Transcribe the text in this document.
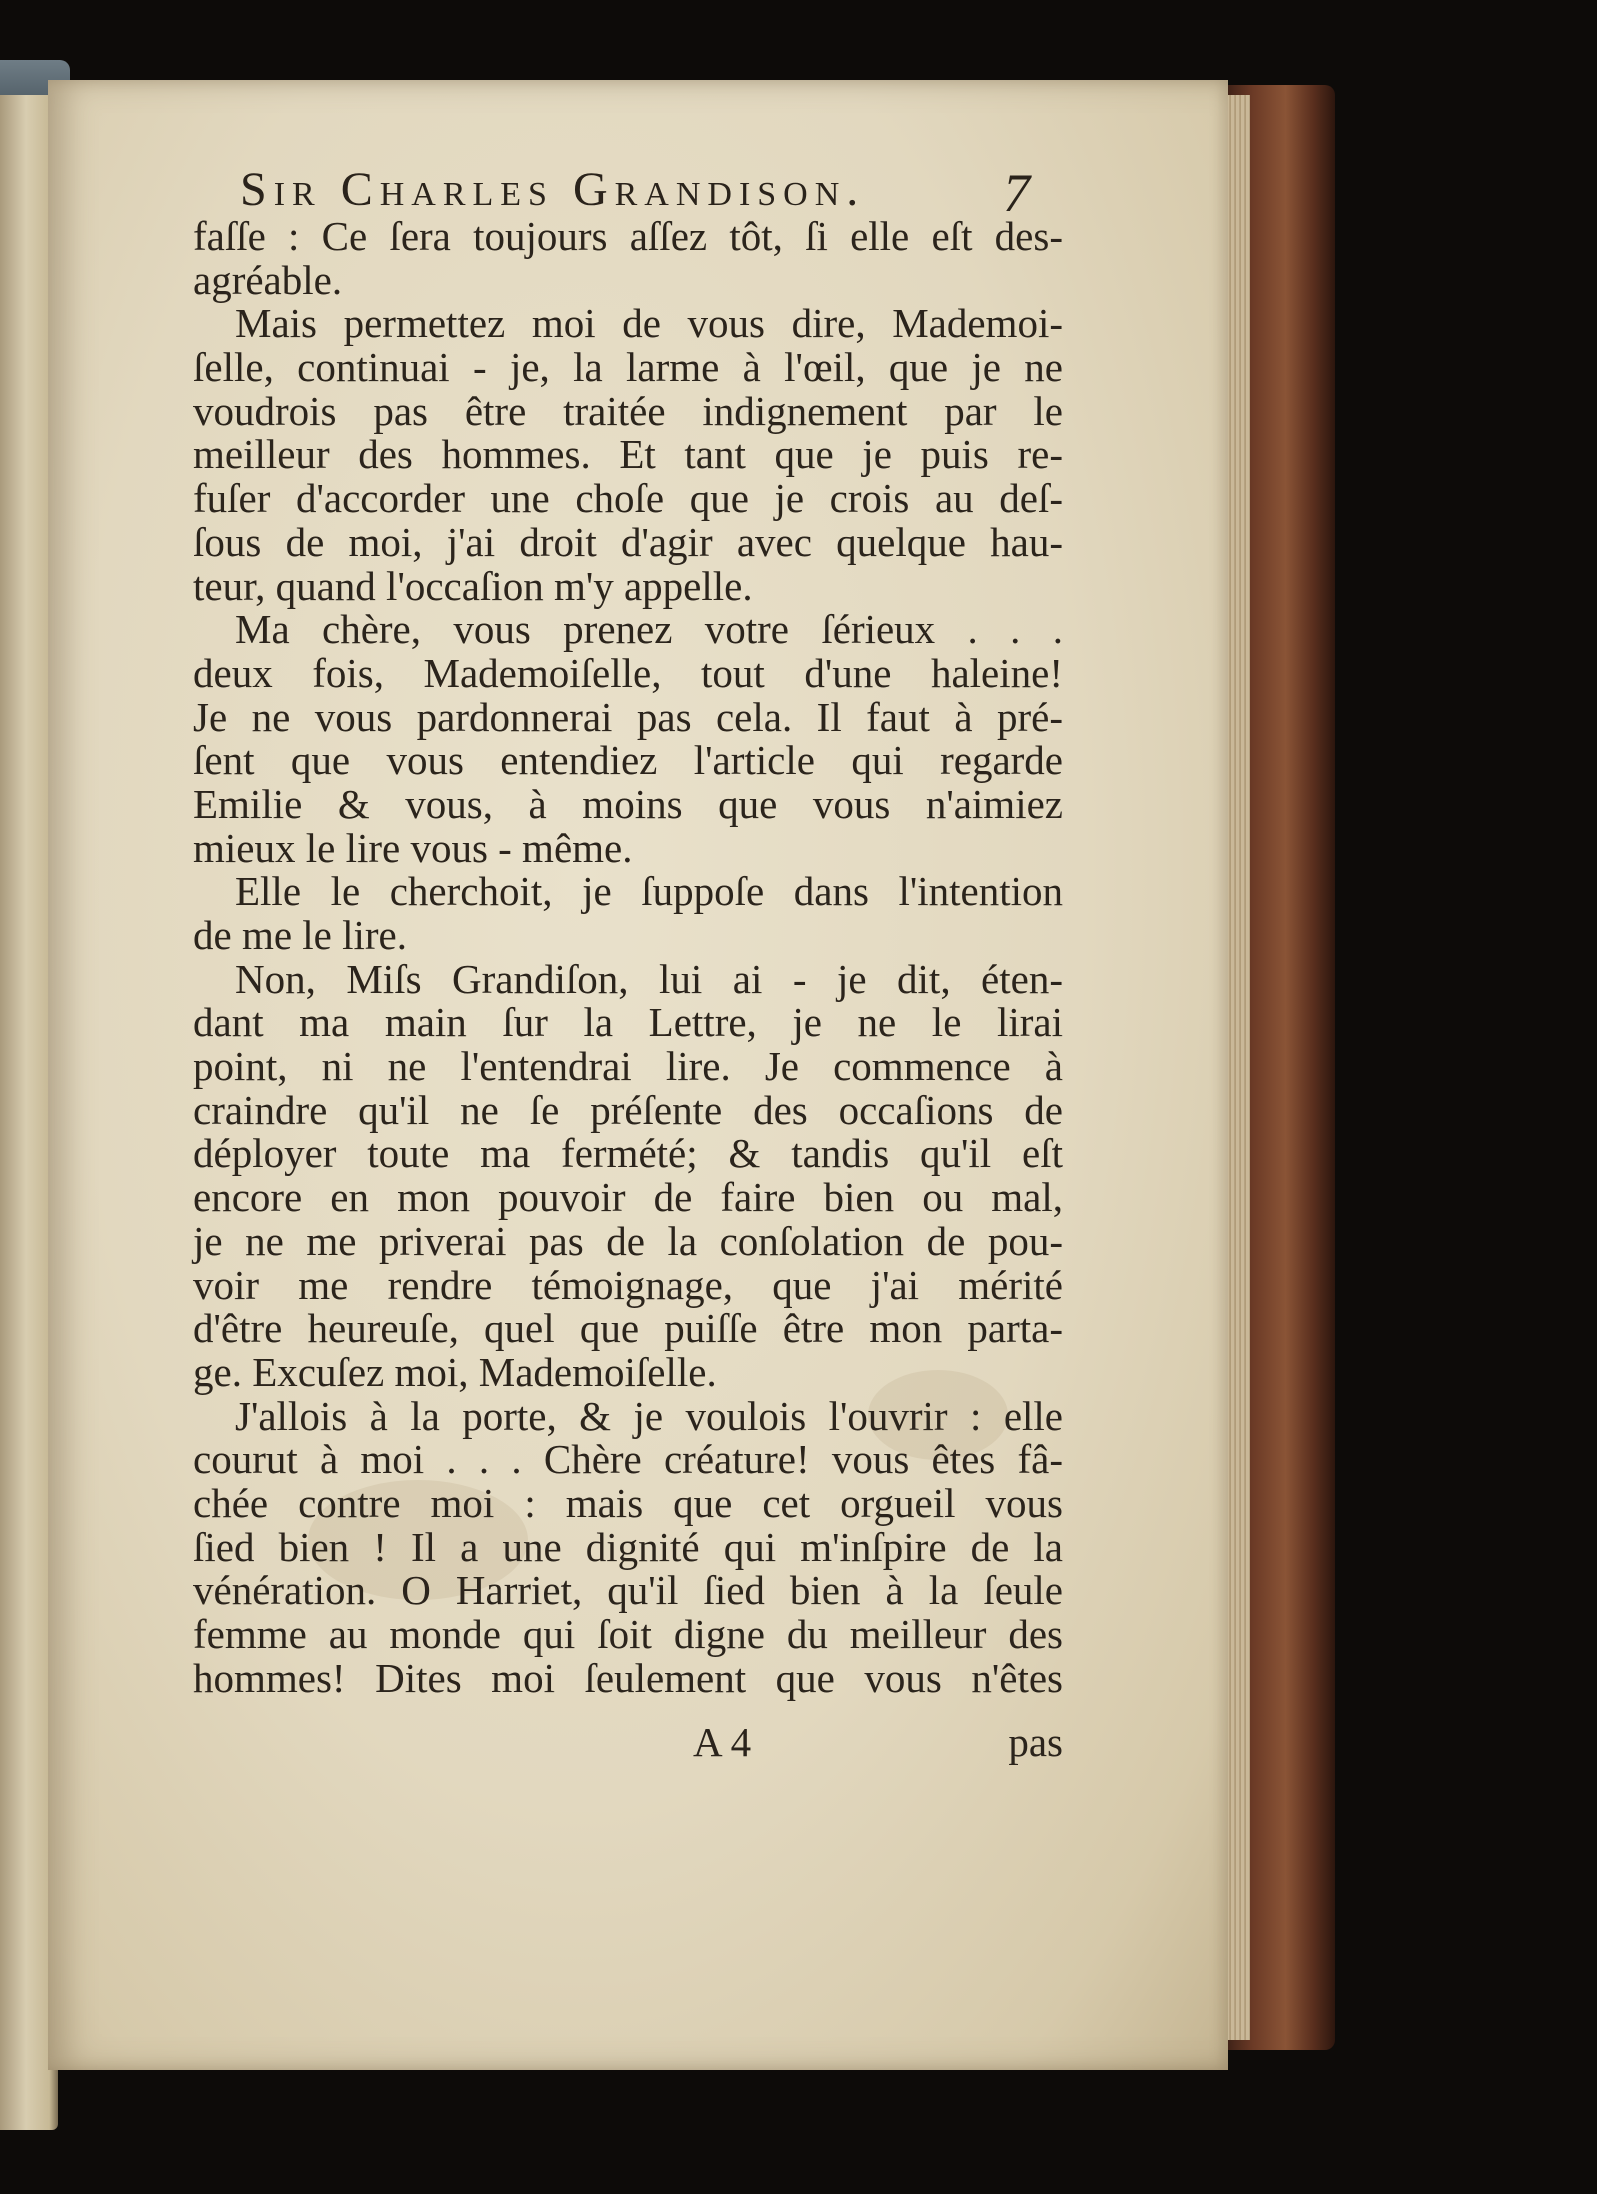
Sir Charles Grandison.	7
faſſe : Ce ſera toujours aſſez tôt, ſi elle eſt des-
agréable.
Mais permettez moi de vous dire, Mademoi-
ſelle, continuai - je, la larme à l'œil, que je ne
voudrois pas être traitée indignement par le
meilleur des hommes. Et tant que je puis re-
fuſer d'accorder une choſe que je crois au deſ-
ſous de moi, j'ai droit d'agir avec quelque hau-
teur, quand l'occaſion m'y appelle.
Ma chère, vous prenez votre ſérieux . . .
deux fois, Mademoiſelle, tout d'une haleine!
Je ne vous pardonnerai pas cela. Il faut à pré-
ſent que vous entendiez l'article qui regarde
Emilie & vous, à moins que vous n'aimiez
mieux le lire vous - même.
Elle le cherchoit, je ſuppoſe dans l'intention
de me le lire.
Non, Miſs Grandiſon, lui ai - je dit, éten-
dant ma main ſur la Lettre, je ne le lirai
point, ni ne l'entendrai lire. Je commence à
craindre qu'il ne ſe préſente des occaſions de
déployer toute ma fermété; & tandis qu'il eſt
encore en mon pouvoir de faire bien ou mal,
je ne me priverai pas de la conſolation de pou-
voir me rendre témoignage, que j'ai mérité
d'être heureuſe, quel que puiſſe être mon parta-
ge. Excuſez moi, Mademoiſelle.
J'allois à la porte, & je voulois l'ouvrir : elle
courut à moi . . . Chère créature! vous êtes fâ-
chée contre moi : mais que cet orgueil vous
ſied bien ! Il a une dignité qui m'inſpire de la
vénération. O Harriet, qu'il ſied bien à la ſeule
femme au monde qui ſoit digne du meilleur des
hommes! Dites moi ſeulement que vous n'êtes
A 4	pas
